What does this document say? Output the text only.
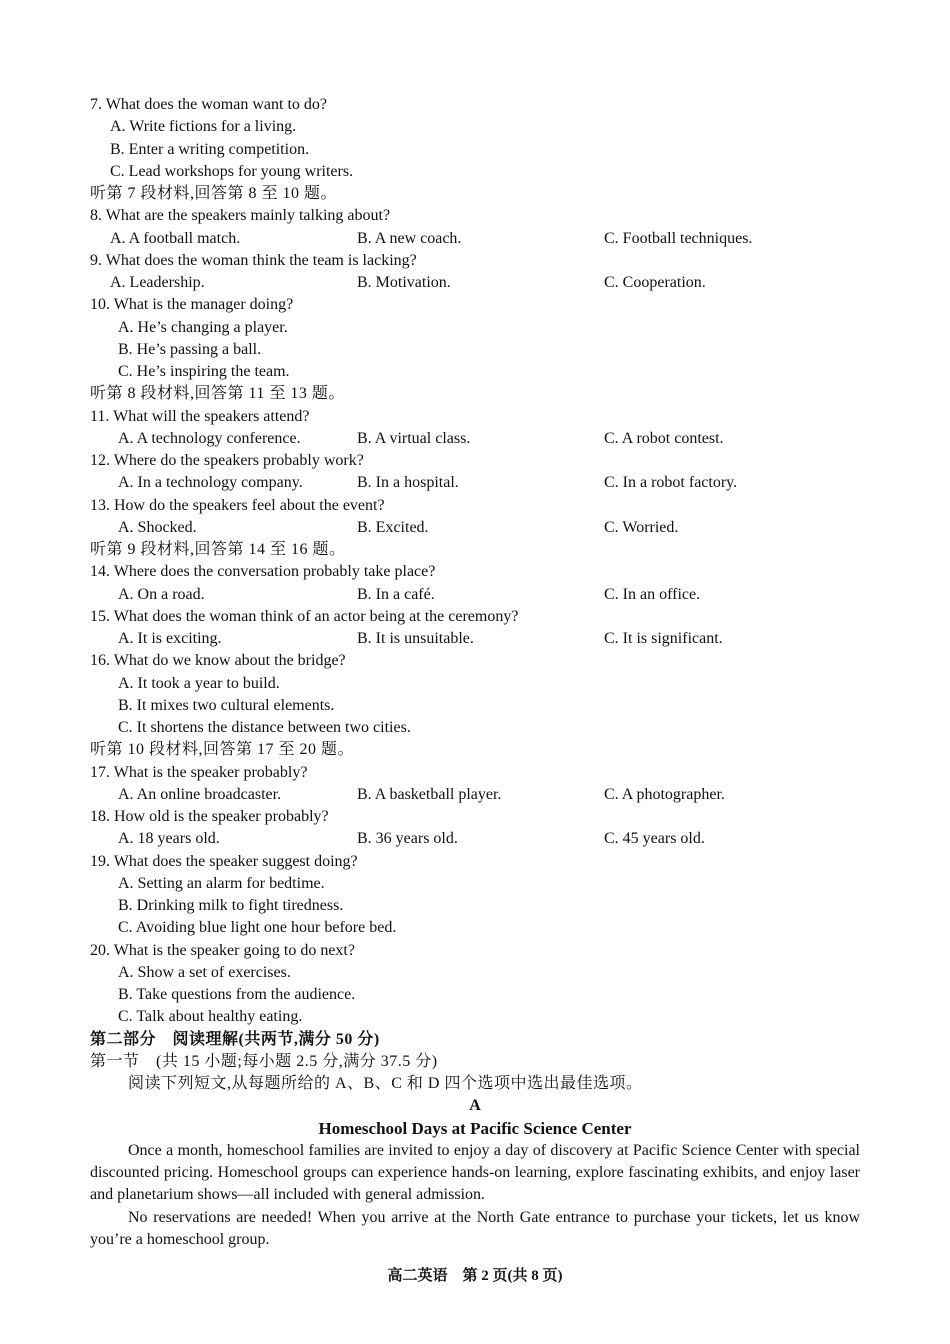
7. What does the woman want to do?
A. Write fictions for a living.
B. Enter a writing competition.
C. Lead workshops for young writers.
听第 7 段材料,回答第 8 至 10 题。
8. What are the speakers mainly talking about?
A. A football match.	B. A new coach.	C. Football techniques.
9. What does the woman think the team is lacking?
A. Leadership.	B. Motivation.	C. Cooperation.
10. What is the manager doing?
A. He’s changing a player.
B. He’s passing a ball.
C. He’s inspiring the team.
听第 8 段材料,回答第 11 至 13 题。
11. What will the speakers attend?
A. A technology conference.	B. A virtual class.	C. A robot contest.
12. Where do the speakers probably work?
A. In a technology company.	B. In a hospital.	C. In a robot factory.
13. How do the speakers feel about the event?
A. Shocked.	B. Excited.	C. Worried.
听第 9 段材料,回答第 14 至 16 题。
14. Where does the conversation probably take place?
A. On a road.	B. In a café.	C. In an office.
15. What does the woman think of an actor being at the ceremony?
A. It is exciting.	B. It is unsuitable.	C. It is significant.
16. What do we know about the bridge?
A. It took a year to build.
B. It mixes two cultural elements.
C. It shortens the distance between two cities.
听第 10 段材料,回答第 17 至 20 题。
17. What is the speaker probably?
A. An online broadcaster.	B. A basketball player.	C. A photographer.
18. How old is the speaker probably?
A. 18 years old.	B. 36 years old.	C. 45 years old.
19. What does the speaker suggest doing?
A. Setting an alarm for bedtime.
B. Drinking milk to fight tiredness.
C. Avoiding blue light one hour before bed.
20. What is the speaker going to do next?
A. Show a set of exercises.
B. Take questions from the audience.
C. Talk about healthy eating.
第二部分　阅读理解(共两节,满分 50 分)
第一节　(共 15 小题;每小题 2.5 分,满分 37.5 分)
阅读下列短文,从每题所给的 A、B、C 和 D 四个选项中选出最佳选项。
A
Homeschool Days at Pacific Science Center
Once a month, homeschool families are invited to enjoy a day of discovery at Pacific Science Center with special discounted pricing. Homeschool groups can experience hands-on learning, explore fascinating exhibits, and enjoy laser and planetarium shows—all included with general admission.
No reservations are needed! When you arrive at the North Gate entrance to purchase your tickets, let us know you’re a homeschool group.
高二英语　第 2 页(共 8 页)
